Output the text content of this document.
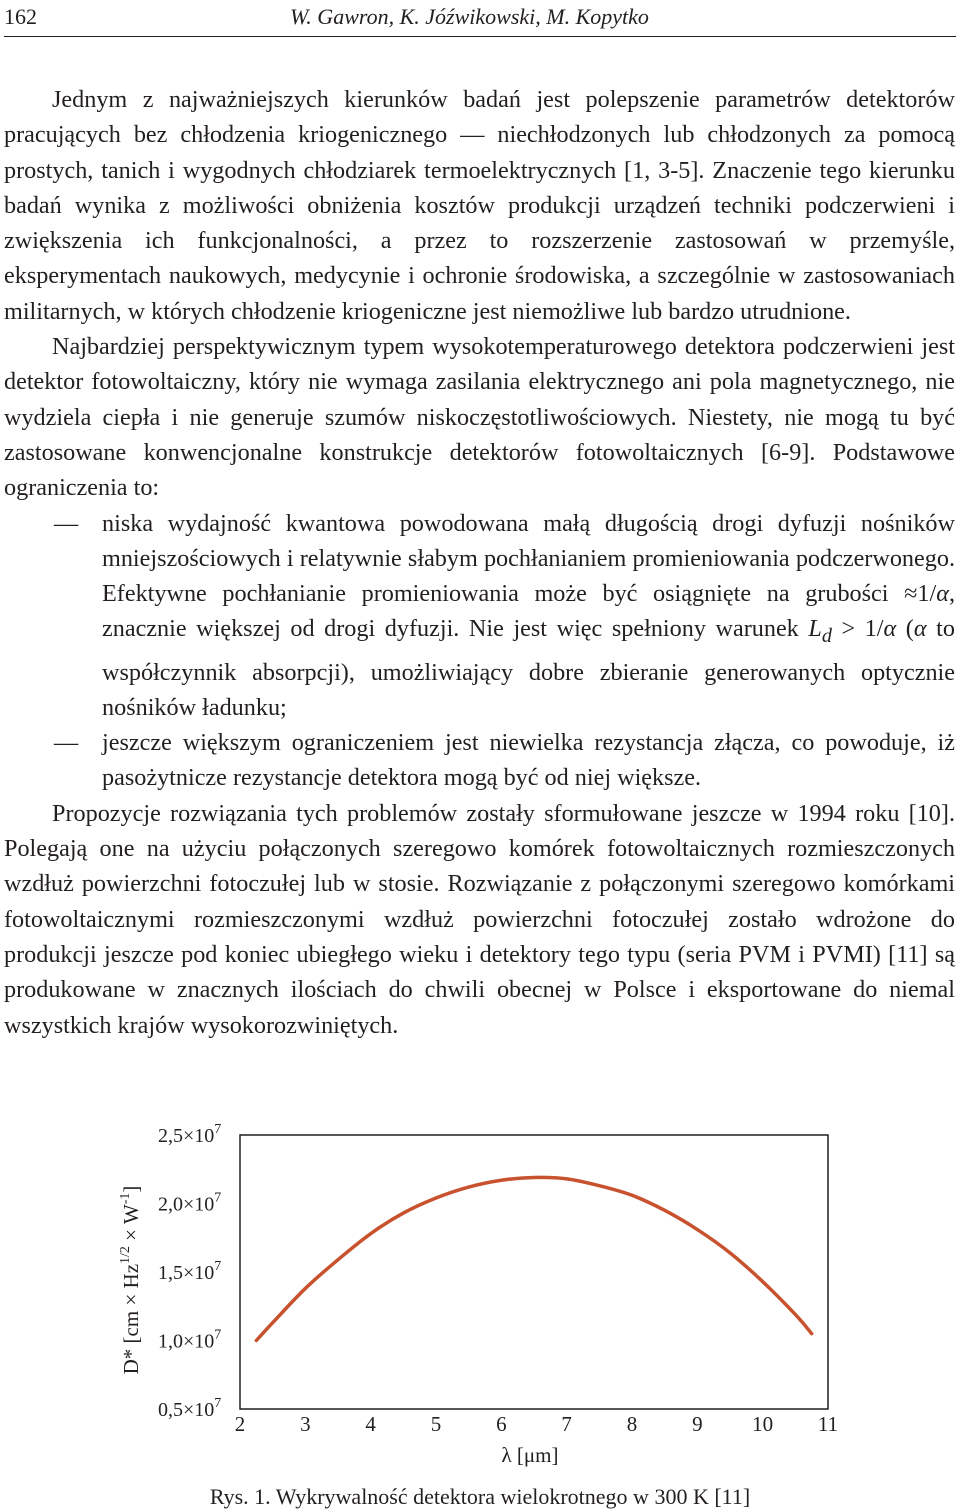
162	W. Gawron, K. Jóźwikowski, M. Kopytko

Jednym z najważniejszych kierunków badań jest polepszenie parametrów detektorów pracujących bez chłodzenia kriogenicznego — niechłodzonych lub chłodzonych za pomocą prostych, tanich i wygodnych chłodziarek termoelektrycznych [1, 3-5]. Znaczenie tego kierunku badań wynika z możliwości obniżenia kosztów produkcji urządzeń techniki podczerwieni i zwiększenia ich funkcjonalności, a przez to rozszerzenie zastosowań w przemyśle, eksperymentach naukowych, medycynie i ochronie środowiska, a szczególnie w zastosowaniach militarnych, w których chłodzenie kriogeniczne jest niemożliwe lub bardzo utrudnione.

Najbardziej perspektywicznym typem wysokotemperaturowego detektora podczerwieni jest detektor fotowoltaiczny, który nie wymaga zasilania elektrycznego ani pola magnetycznego, nie wydziela ciepła i nie generuje szumów niskoczęstotliwościowych. Niestety, nie mogą tu być zastosowane konwencjonalne konstrukcje detektorów fotowoltaicznych [6-9]. Podstawowe ograniczenia to:

— niska wydajność kwantowa powodowana małą długością drogi dyfuzji nośników mniejszościowych i relatywnie słabym pochłanianiem promieniowania podczerwonego. Efektywne pochłanianie promieniowania może być osiągnięte na grubości ≈1/α, znacznie większej od drogi dyfuzji. Nie jest więc spełniony warunek $L_d > 1/\alpha$ (α to współczynnik absorpcji), umożliwiający dobre zbieranie generowanych optycznie nośników ładunku;

— jeszcze większym ograniczeniem jest niewielka rezystancja złącza, co powoduje, iż pasożytnicze rezystancje detektora mogą być od niej większe.

Propozycje rozwiązania tych problemów zostały sformułowane jeszcze w 1994 roku [10]. Polegają one na użyciu połączonych szeregowo komórek fotowoltaicznych rozmieszczonych wzdłuż powierzchni fotoczułej lub w stosie. Rozwiązanie z połączonymi szeregowo komórkami fotowoltaicznymi rozmieszczonymi wzdłuż powierzchni fotoczułej zostało wdrożone do produkcji jeszcze pod koniec ubiegłego wieku i detektory tego typu (seria PVM i PVMI) [11] są produkowane w znacznych ilościach do chwili obecnej w Polsce i eksportowane do niemal wszystkich krajów wysokorozwiniętych.

$0,5\times 10^7$
$1,0\times 10^7$
$1,5\times 10^7$
$2,0\times 10^7$
$2,5\times 10^7$
2	3	4	5	6	7	8	9 10 11
λ [μm]
D* $[cm \times Hz^{1/2} \times W^{-1}]$
Rys. 1. Wykrywalność detektora wielokrotnego w 300 K [11]
